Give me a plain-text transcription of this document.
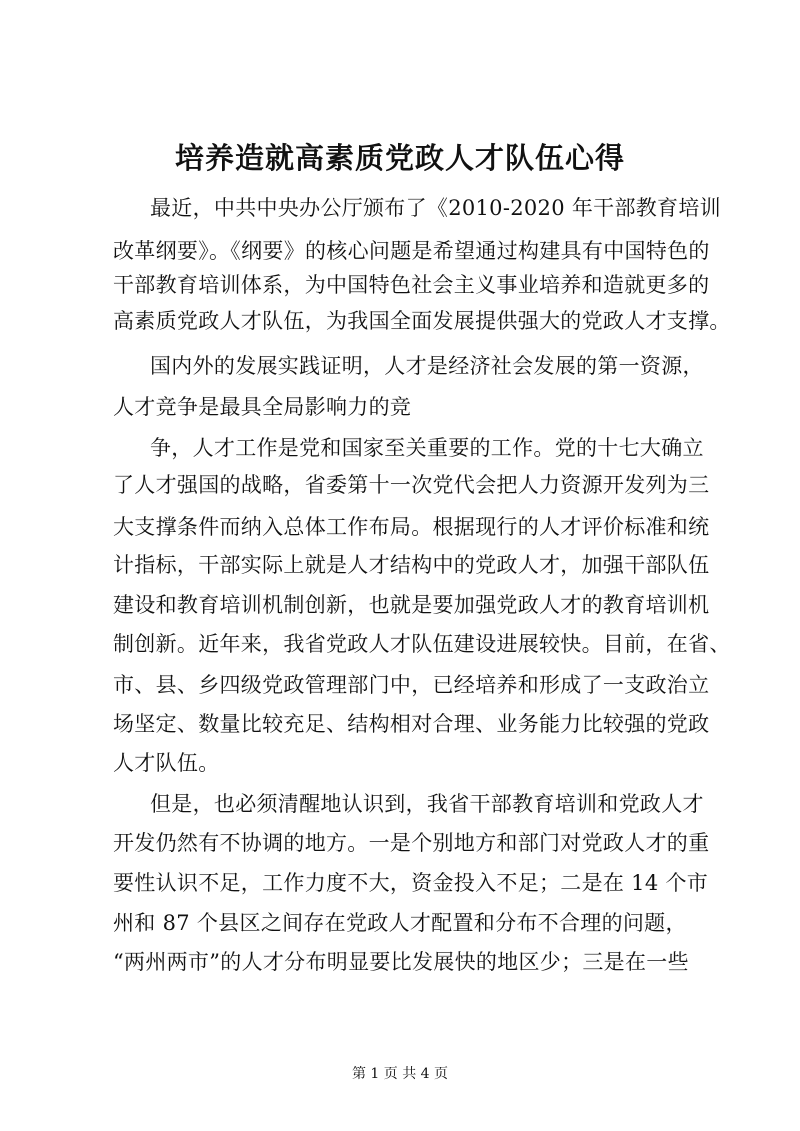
培养造就高素质党政人才队伍心得
最近，中共中央办公厅颁布了《2010-2020 年干部教育培训
改革纲要》。《纲要》的核心问题是希望通过构建具有中国特色的
干部教育培训体系，为中国特色社会主义事业培养和造就更多的
高素质党政人才队伍，为我国全面发展提供强大的党政人才支撑。
国内外的发展实践证明，人才是经济社会发展的第一资源，
人才竞争是最具全局影响力的竞
争，人才工作是党和国家至关重要的工作。党的十七大确立
了人才强国的战略，省委第十一次党代会把人力资源开发列为三
大支撑条件而纳入总体工作布局。根据现行的人才评价标准和统
计指标，干部实际上就是人才结构中的党政人才，加强干部队伍
建设和教育培训机制创新，也就是要加强党政人才的教育培训机
制创新。近年来，我省党政人才队伍建设进展较快。目前，在省、
市、县、乡四级党政管理部门中，已经培养和形成了一支政治立
场坚定、数量比较充足、结构相对合理、业务能力比较强的党政
人才队伍。
但是，也必须清醒地认识到，我省干部教育培训和党政人才
开发仍然有不协调的地方。一是个别地方和部门对党政人才的重
要性认识不足，工作力度不大，资金投入不足；二是在 14 个市
州和 87 个县区之间存在党政人才配置和分布不合理的问题，
“两州两市”的人才分布明显要比发展快的地区少；三是在一些
第 1 页 共 4 页
